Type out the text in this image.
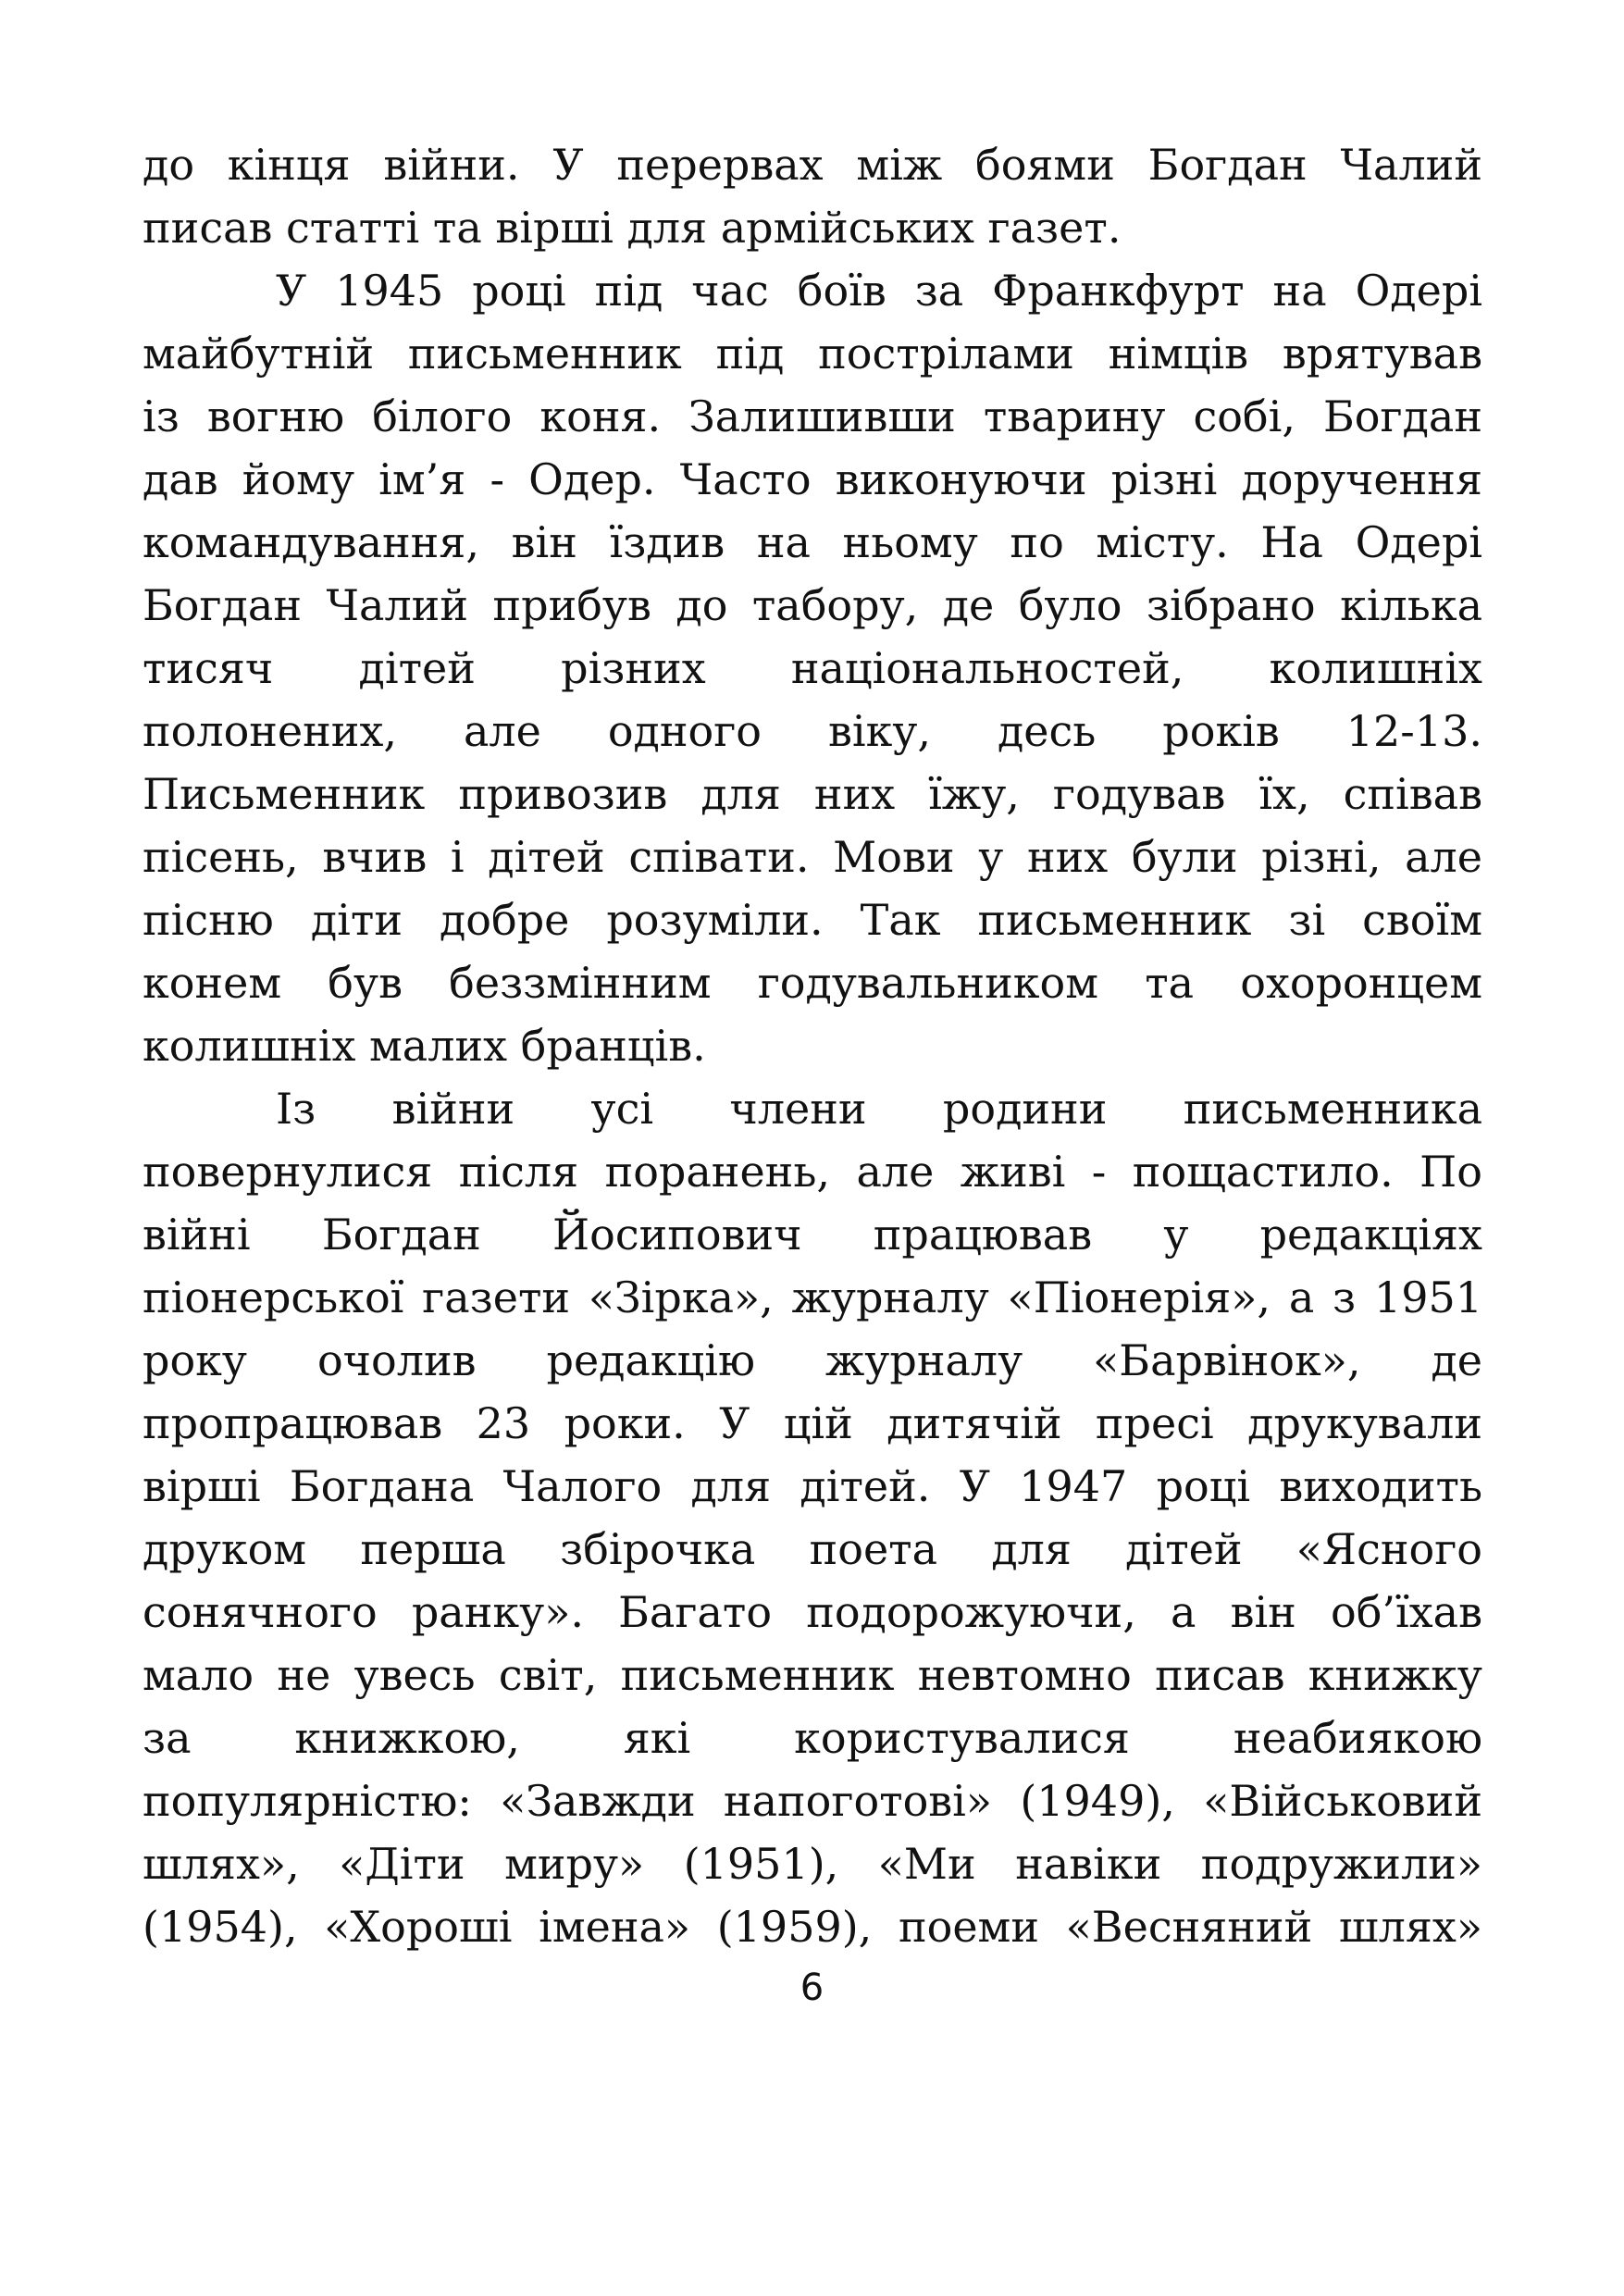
до кінця війни. У перервах між боями Богдан Чалий
писав статті та вірші для армійських газет.
У 1945 році під час боїв за Франкфурт на Одері
майбутній письменник під пострілами німців врятував
із вогню білого коня. Залишивши тварину собі, Богдан
дав йому ім’я - Одер. Часто виконуючи різні доручення
командування, він їздив на ньому по місту. На Одері
Богдан Чалий прибув до табору, де було зібрано кілька
тисяч дітей різних національностей, колишніх
полонених, але одного віку, десь років 12-13.
Письменник привозив для них їжу, годував їх, співав
пісень, вчив і дітей співати. Мови у них були різні, але
пісню діти добре розуміли. Так письменник зі своїм
конем був беззмінним годувальником та охоронцем
колишніх малих бранців.
Із війни усі члени родини письменника
повернулися після поранень, але живі - пощастило. По
війні Богдан Йосипович працював у редакціях
піонерської газети «Зірка», журналу «Піонерія», а з 1951
року очолив редакцію журналу «Барвінок», де
пропрацював 23 роки. У цій дитячій пресі друкували
вірші Богдана Чалого для дітей. У 1947 році виходить
друком перша збірочка поета для дітей «Ясного
сонячного ранку». Багато подорожуючи, а він об’їхав
мало не увесь світ, письменник невтомно писав книжку
за книжкою, які користувалися неабиякою
популярністю: «Завжди напоготові» (1949), «Військовий
шлях», «Діти миру» (1951), «Ми навіки подружили»
(1954), «Хороші імена» (1959), поеми «Весняний шлях»
6
